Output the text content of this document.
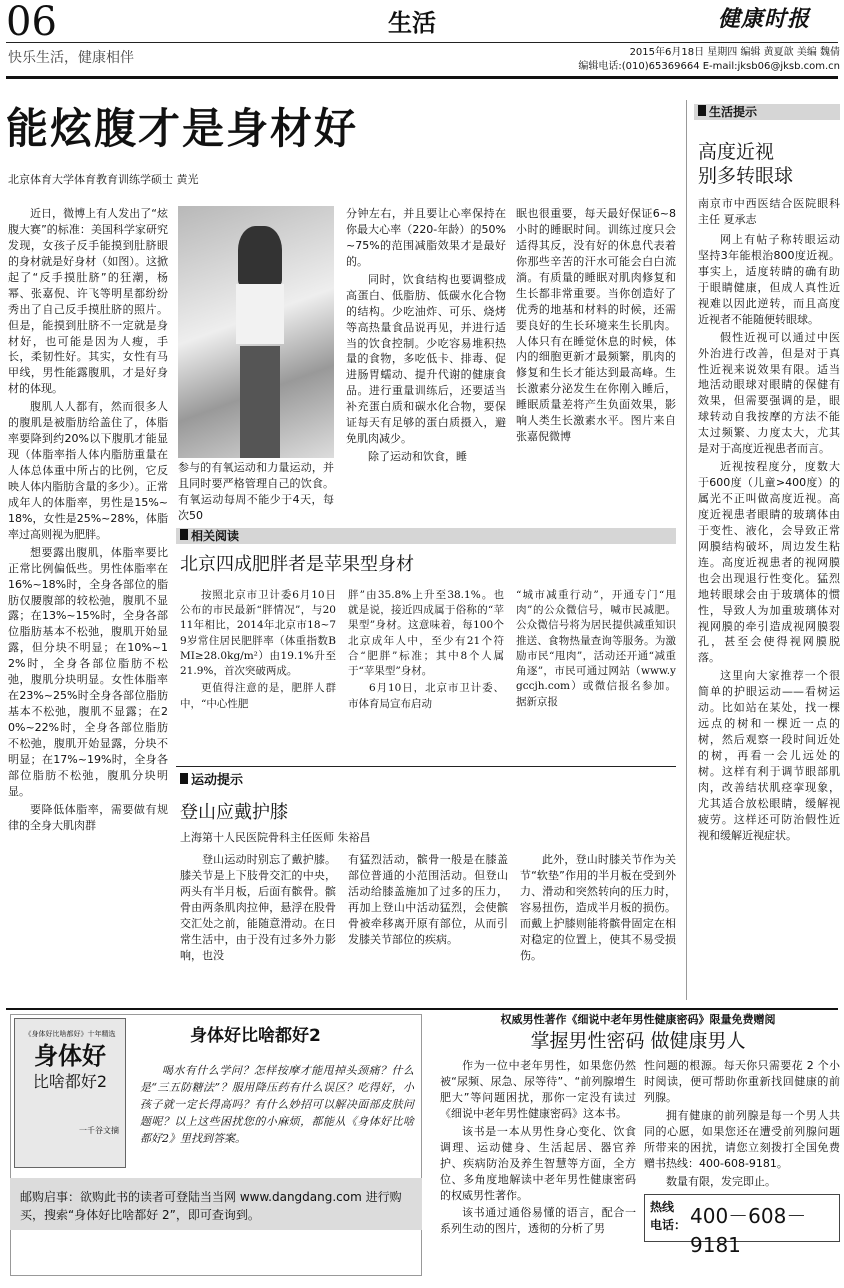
06	生活	健康时报
快乐生活，健康相伴	2015年6月18日 星期四 编辑 黄夏歆 美编 魏倩
编辑电话:(010)65369664 E-mail:jksb06@jksb.com.cn
能炫腹才是身材好
北京体育大学体育教育训练学硕士 黄光

近日，微博上有人发出了“炫腹大赛”的标准：美国科学家研究发现，女孩子反手能摸到肚脐眼的身材就是好身材（如图）。这掀起了“反手摸肚脐”的狂潮，杨幂、张嘉倪、许飞等明星都纷纷秀出了自己反手摸肚脐的照片。但是，能摸到肚脐不一定就是身材好，也可能是因为人瘦，手长，柔韧性好。其实，女性有马甲线，男性能露腹肌，才是好身材的体现。

腹肌人人都有，然而很多人的腹肌是被脂肪给盖住了，体脂率要降到约20%以下腹肌才能显现（体脂率指人体内脂肪重量在人体总体重中所占的比例，它反映人体内脂肪含量的多少）。正常成年人的体脂率，男性是15%~18%，女性是25%~28%，体脂率过高则视为肥胖。

想要露出腹肌，体脂率要比正常比例偏低些。男性体脂率在16%~18%时，全身各部位的脂肪仅腰腹部的较松弛，腹肌不显露；在13%~15%时，全身各部位脂肪基本不松弛，腹肌开始显露，但分块不明显；在10%~12%时，全身各部位脂肪不松弛，腹肌分块明显。女性体脂率在23%~25%时全身各部位脂肪基本不松弛，腹肌不显露；在20%~22%时，全身各部位脂肪不松弛，腹肌开始显露，分块不明显；在17%~19%时，全身各部位脂肪不松弛，腹肌分块明显。

要降低体脂率，需要做有规律的全身大肌肉群

参与的有氧运动和力量运动，并且同时要严格管理自己的饮食。有氧运动每周不能少于4天，每次50

分钟左右，并且要让心率保持在你最大心率（220-年龄）的50%~75%的范围减脂效果才是最好的。

同时，饮食结构也要调整成高蛋白、低脂肪、低碳水化合物的结构。少吃油炸、可乐、烧烤等高热量食品说再见，并进行适当的饮食控制。少吃容易堆积热量的食物，多吃低卡、排毒、促进肠胃蠕动、提升代谢的健康食品。进行重量训练后，还要适当补充蛋白质和碳水化合物，要保证每天有足够的蛋白质摄入，避免肌肉减少。

除了运动和饮食，睡

眠也很重要，每天最好保证6~8小时的睡眠时间。训练过度只会适得其反，没有好的休息代表着你那些辛苦的汗水可能会白白流淌。有质量的睡眠对肌肉修复和生长都非常重要。当你创造好了优秀的地基和材料的时候，还需要良好的生长环境来生长肌肉。人体只有在睡觉休息的时候，体内的细胞更新才最频繁，肌肉的修复和生长才能达到最高峰。生长激素分泌发生在你刚入睡后，睡眠质量差将产生负面效果，影响人类生长激素水平。图片来自张嘉倪微博

相关阅读
北京四成肥胖者是苹果型身材

按照北京市卫计委6月10日公布的市民最新“胖情况”，与2011年相比，2014年北京市18~79岁常住居民肥胖率（体重指数BMI≥28.0kg/m²）由19.1%升至21.9%，首次突破两成。

更值得注意的是，肥胖人群中，“中心性肥

胖”由35.8%上升至38.1%。也就是说，接近四成属于俗称的“苹果型”身材。这意味着，每100个北京成年人中，至少有21个符合“肥胖”标准；其中8个人属于“苹果型”身材。

6月10日，北京市卫计委、市体育局宣布启动

“城市减重行动”，开通专门“甩肉”的公众微信号，喊市民减肥。公众微信号将为居民提供减重知识推送、食物热量查询等服务。为激励市民“甩肉”，活动还开通“减重角逐”，市民可通过网站（www.ygccjh.com）或微信报名参加。 据新京报

运动提示
登山应戴护膝
上海第十人民医院骨科主任医师 朱裕昌

登山运动时别忘了戴护膝。膝关节是上下肢骨交汇的中央，两头有半月板，后面有髌骨。髌骨由两条肌肉拉伸，悬浮在股骨交汇处之前，能随意滑动。在日常生活中，由于没有过多外力影响，也没

有猛烈活动，髌骨一般是在膝盖部位普通的小范围活动。但登山活动给膝盖施加了过多的压力，再加上登山中活动猛烈，会使髌骨被牵移离开原有部位，从而引发膝关节部位的疾病。

此外，登山时膝关节作为关节“软垫”作用的半月板在受到外力、滑动和突然转向的压力时，容易扭伤，造成半月板的损伤。而戴上护膝则能将髌骨固定在相对稳定的位置上，使其不易受损伤。

生活提示
高度近视
别多转眼球
南京市中西医结合医院眼科主任 夏承志

网上有帖子称转眼运动坚持3年能根治800度近视。事实上，适度转睛的确有助于眼睛健康，但成人真性近视难以因此逆转，而且高度近视者不能随便转眼球。

假性近视可以通过中医外治进行改善，但是对于真性近视来说效果有限。适当地活动眼球对眼睛的保健有效果，但需要强调的是，眼球转动自我按摩的方法不能太过频繁、力度太大，尤其是对于高度近视患者而言。

近视按程度分，度数大于600度（儿童>400度）的属光不正叫做高度近视。高度近视患者眼睛的玻璃体由于变性、液化，会导致正常网膜结构破坏，周边发生粘连。高度近视患者的视网膜也会出现退行性变化。猛烈地转眼球会由于玻璃体的惯性，导致人为加重玻璃体对视网膜的牵引造成视网膜裂孔，甚至会使得视网膜脱落。

这里向大家推荐一个很简单的护眼运动——看树运动。比如站在某处，找一棵远点的树和一棵近一点的树，然后观察一段时间近处的树，再看一会儿远处的树。这样有利于调节眼部肌肉，改善结状肌痉挛现象，尤其适合放松眼睛，缓解视疲劳。这样还可防治假性近视和缓解近视症状。

《身体好比啥都好》十年精选
身体好
比啥都好2
一千谷文摘
身体好比啥都好2

喝水有什么学问？怎样按摩才能甩掉头颈痛？什么是“三五防糖法”？服用降压药有什么误区？吃得好，小孩子就一定长得高吗？有什么妙招可以解决面部皮肤问题呢？以上这些困扰您的小麻烦，都能从《身体好比啥都好2》里找到答案。

邮购启事：欲购此书的读者可登陆当当网 www.dangdang.com 进行购买，搜索“身体好比啥都好 2”，即可查询到。
权威男性著作《细说中老年男性健康密码》限量免费赠阅
掌握男性密码 做健康男人

作为一位中老年男性，如果您仍然被“尿频、尿急、尿等待”、“前列腺增生肥大”等问题困扰，那你一定没有读过《细说中老年男性健康密码》这本书。

该书是一本从男性身心变化、饮食调理、运动健身、生活起居、器官养护、疾病防治及养生智慧等方面，全方位、多角度地解读中老年男性健康密码的权威男性著作。

该书通过通俗易懂的语言，配合一系列生动的图片，透彻的分析了男

性问题的根源。每天你只需要花 2 个小时阅读，便可帮助你重新找回健康的前列腺。

拥有健康的前列腺是每一个男人共同的心愿，如果您还在遭受前列腺问题所带来的困扰，请您立刻拨打全国免费赠书热线：400-608-9181。

数量有限，发完即止。

热线
电话： 400－608－9181
